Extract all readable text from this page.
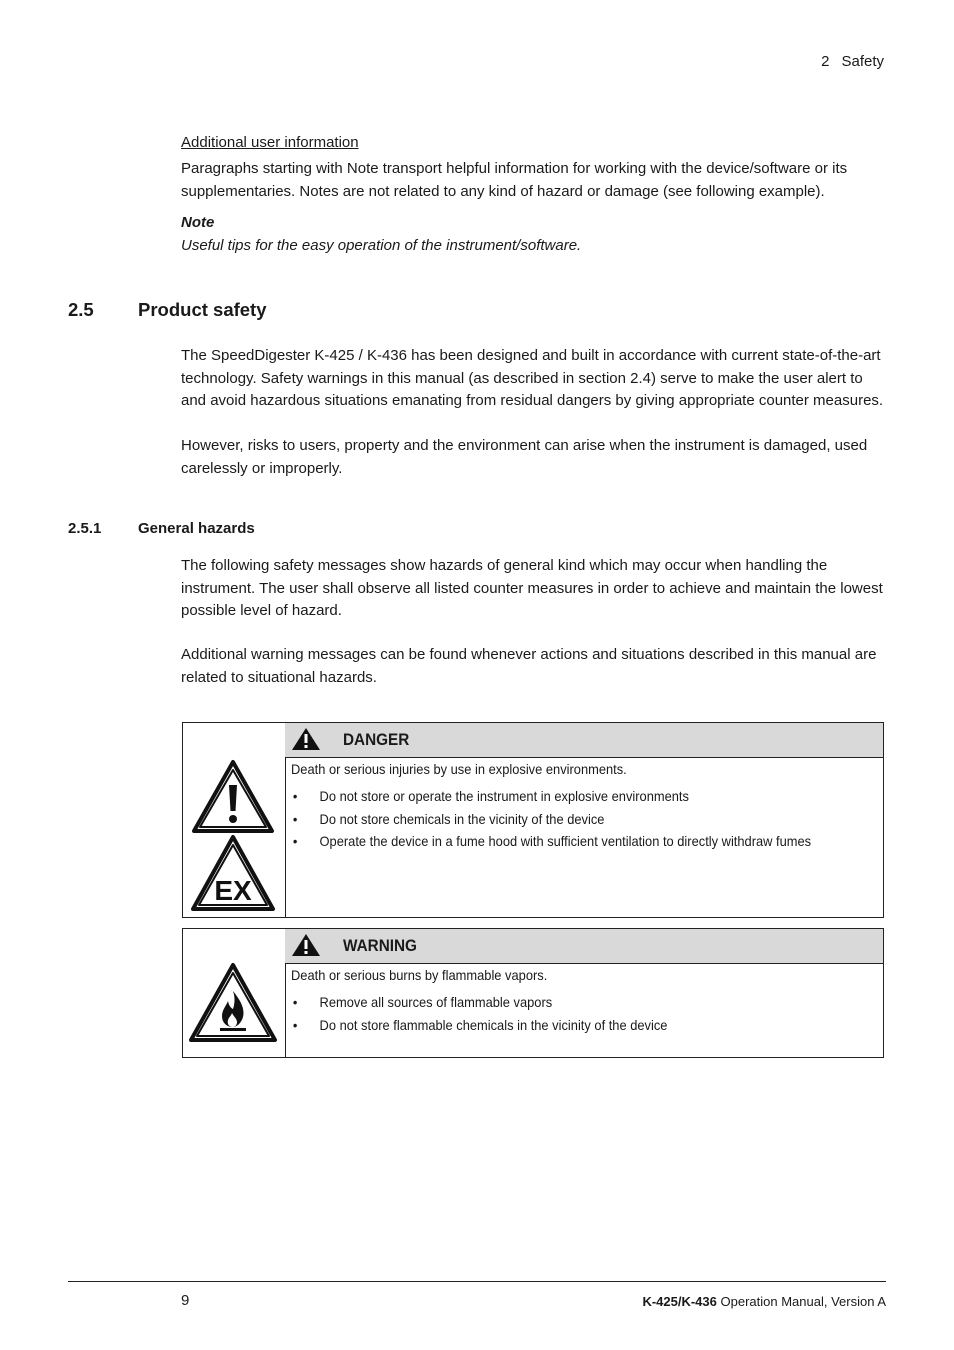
2 Safety
Additional user information
Paragraphs starting with Note transport helpful information for working with the device/software or its supplementaries. Notes are not related to any kind of hazard or damage (see following example).
Note
Useful tips for the easy operation of the instrument/software.
2.5 Product safety
The SpeedDigester K-425 / K-436 has been designed and built in accordance with current state-of-the-art technology. Safety warnings in this manual (as described in section 2.4) serve to make the user alert to and avoid hazardous situations emanating from residual dangers by giving appropriate counter measures.
However, risks to users, property and the environment can arise when the instrument is damaged, used carelessly or improperly.
2.5.1 General hazards
The following safety messages show hazards of general kind which may occur when handling the instrument. The user shall observe all listed counter measures in order to achieve and maintain the lowest possible level of hazard.
Additional warning messages can be found whenever actions and situations described in this manual are related to situational hazards.
EX
DANGER

Death or serious injuries by use in explosive environments.

• Do not store or operate the instrument in explosive environments
• Do not store chemicals in the vicinity of the device
• Operate the device in a fume hood with sufficient ventilation to directly withdraw fumes
WARNING

Death or serious burns by flammable vapors.

• Remove all sources of flammable vapors
• Do not store flammable chemicals in the vicinity of the device
9	K-425/K-436 Operation Manual, Version A
